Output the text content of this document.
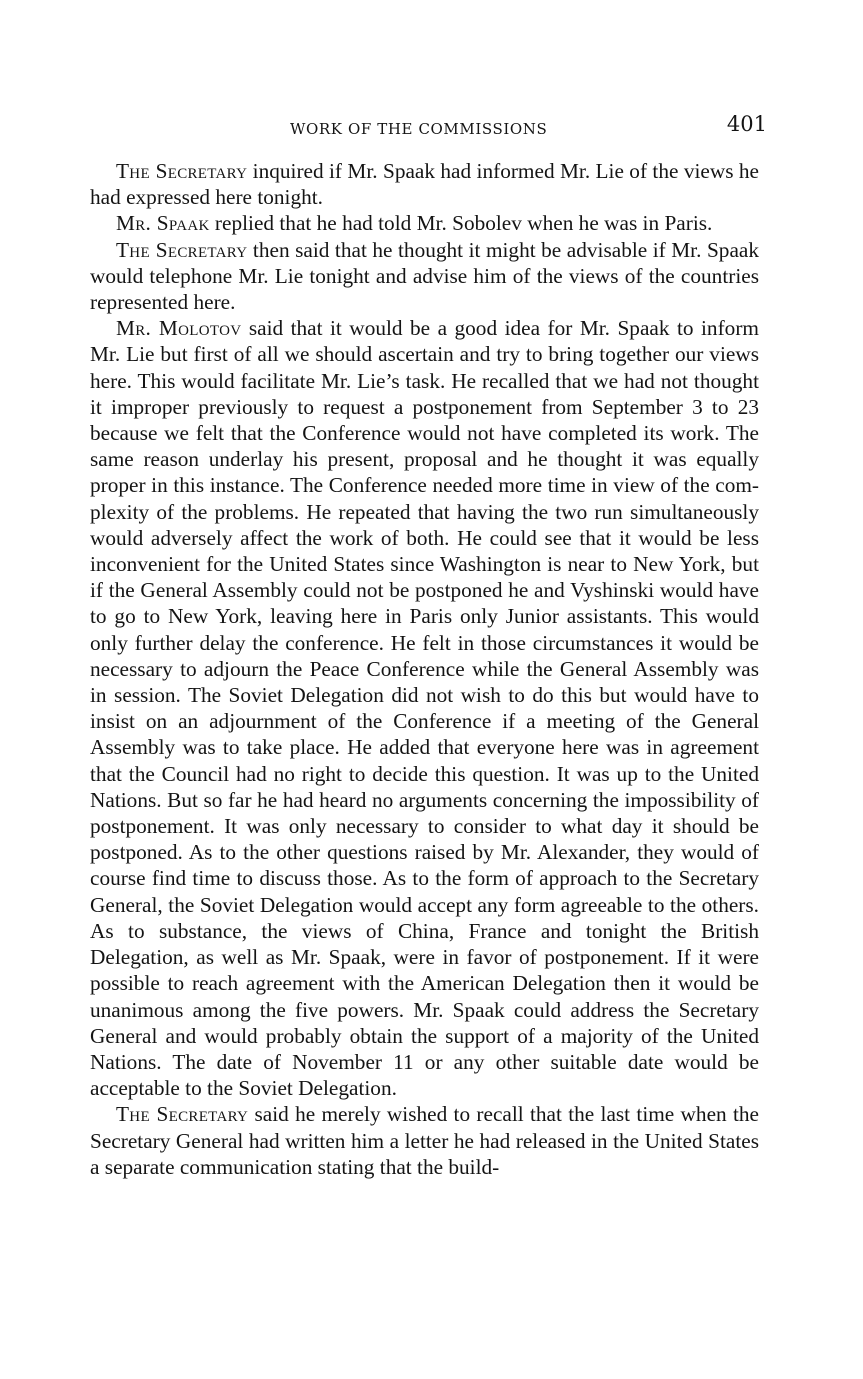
WORK OF THE COMMISSIONS	401

The Secretary inquired if Mr. Spaak had informed Mr. Lie of the views he had expressed here tonight.

Mr. Spaak replied that he had told Mr. Sobolev when he was in Paris.

The Secretary then said that he thought it might be advisable if Mr. Spaak would telephone Mr. Lie tonight and advise him of the views of the countries represented here.

Mr. Molotov said that it would be a good idea for Mr. Spaak to inform Mr. Lie but first of all we should ascertain and try to bring together our views here. This would facilitate Mr. Lie’s task. He recalled that we had not thought it improper previously to request a postponement from September 3 to 23 because we felt that the Conference would not have completed its work. The same reason underlay his present, proposal and he thought it was equally proper in this instance. The Conference needed more time in view of the complexity of the problems. He repeated that having the two run simultaneously would adversely affect the work of both. He could see that it would be less inconvenient for the United States since Washington is near to New York, but if the General Assembly could not be postponed he and Vyshinski would have to go to New York, leaving here in Paris only Junior assistants. This would only further delay the conference. He felt in those circumstances it would be necessary to adjourn the Peace Conference while the General Assembly was in session. The Soviet Delegation did not wish to do this but would have to insist on an adjournment of the Conference if a meeting of the General Assembly was to take place. He added that everyone here was in agreement that the Council had no right to decide this question. It was up to the United Nations. But so far he had heard no arguments concerning the impossibility of postponement. It was only necessary to consider to what day it should be postponed. As to the other questions raised by Mr. Alexander, they would of course find time to discuss those. As to the form of approach to the Secretary General, the Soviet Delegation would accept any form agreeable to the others. As to substance, the views of China, France and tonight the British Delegation, as well as Mr. Spaak, were in favor of postponement. If it were possible to reach agreement with the American Delegation then it would be unanimous among the five powers. Mr. Spaak could address the Secretary General and would probably obtain the support of a majority of the United Nations. The date of November 11 or any other suitable date would be acceptable to the Soviet Delegation.

The Secretary said he merely wished to recall that the last time when the Secretary General had written him a letter he had released in the United States a separate communication stating that the build-
